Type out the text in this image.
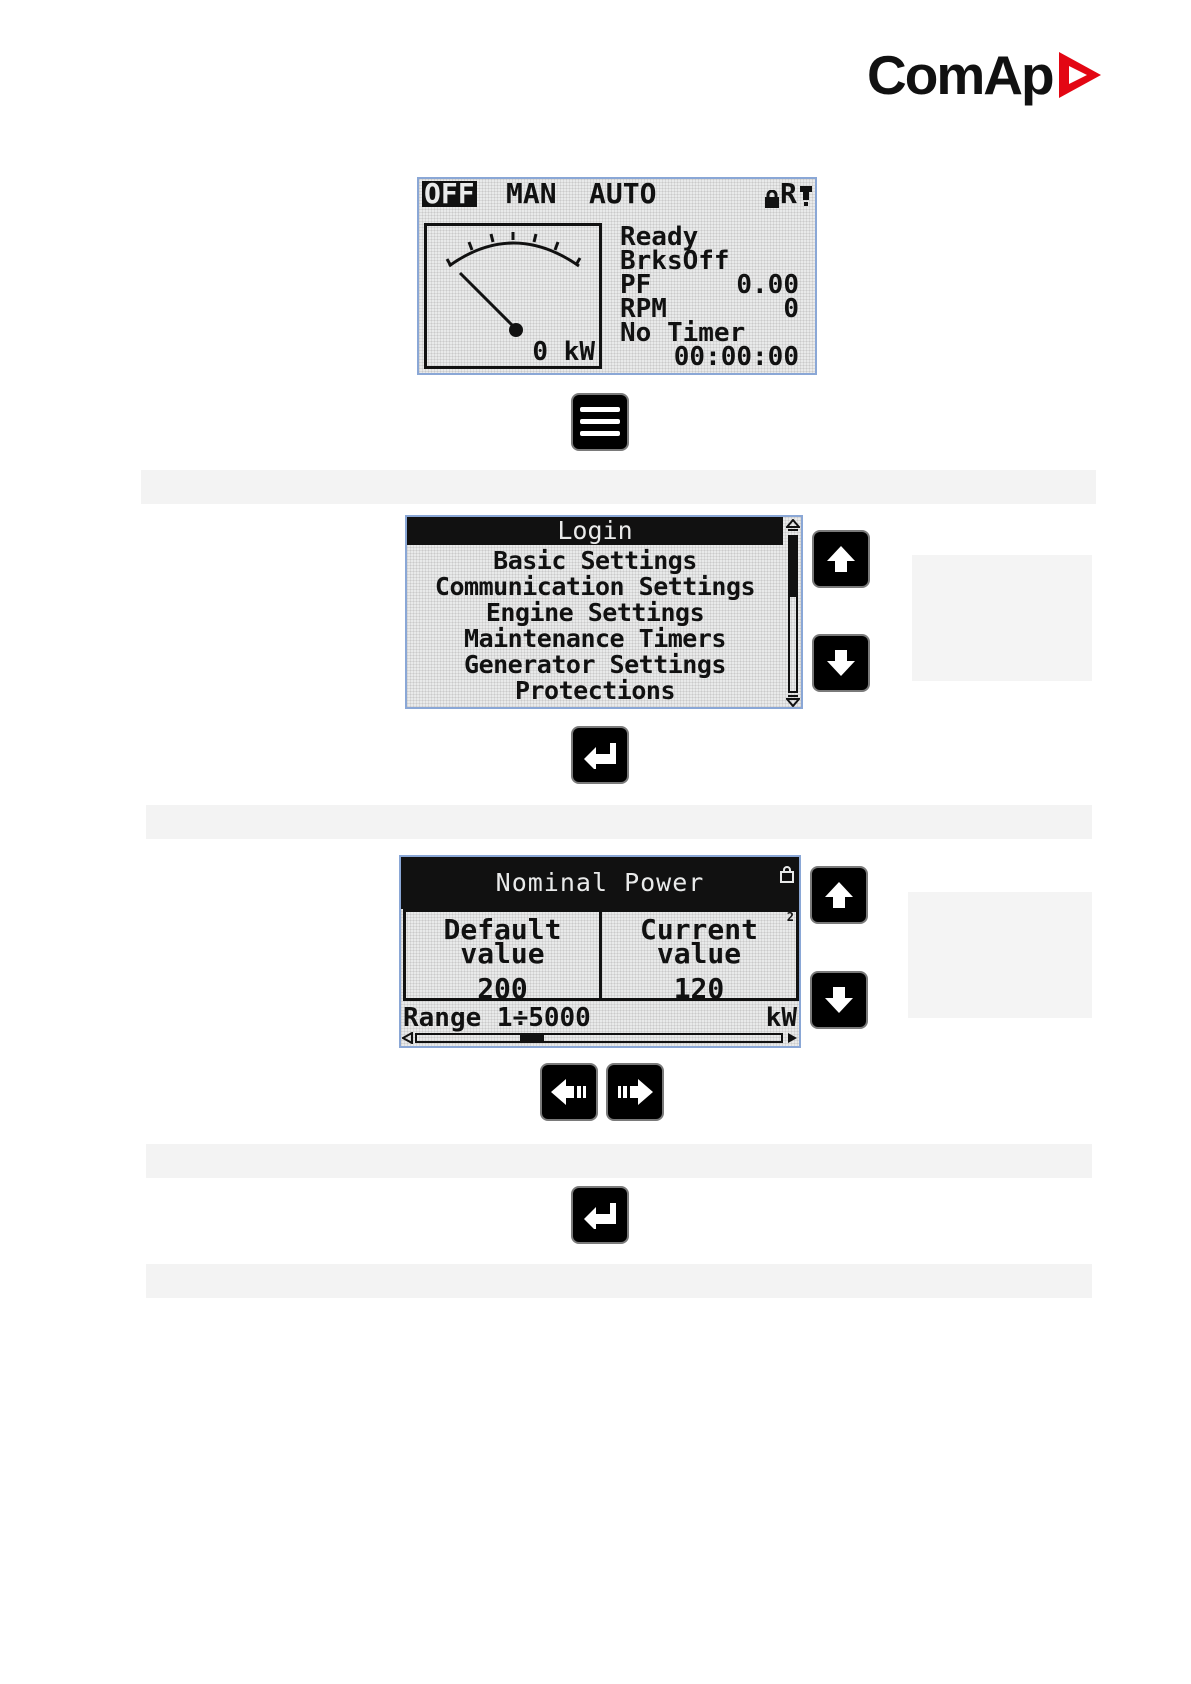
ComAp
OFF MAN AUTO	R
0 kW
Ready
BrksOff
PF	0.00
RPM	0
No Timer
00:00:00
Login
Basic Settings
Communication Settings
Engine Settings
Maintenance Timers
Generator Settings
Protections
Nominal Power
Default
value
200
Current
value
120
2
Range 1÷5000	kW
